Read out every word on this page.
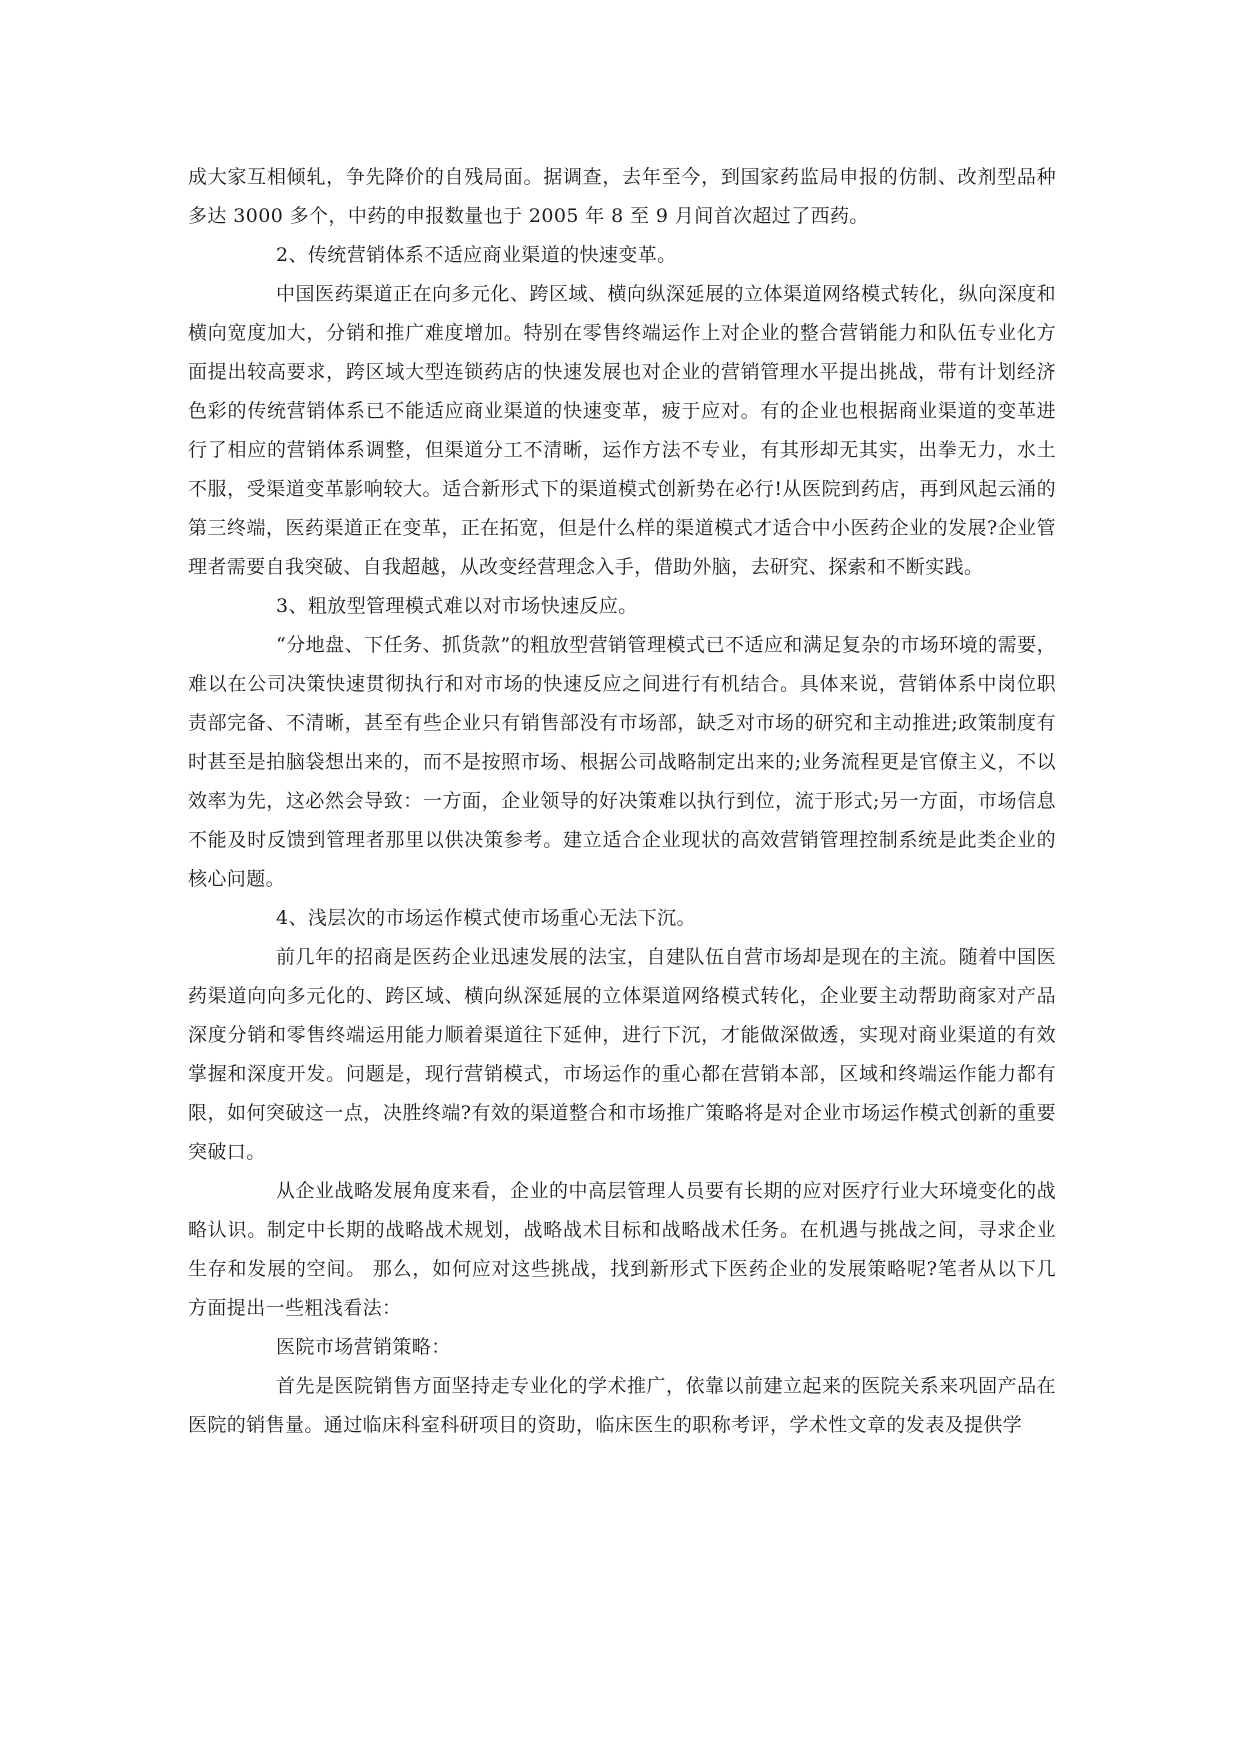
成大家互相倾轧，争先降价的自残局面。据调查，去年至今，到国家药监局申报的仿制、改剂型品种多达 3000 多个，中药的申报数量也于 2005 年 8 至 9 月间首次超过了西药。

2、传统营销体系不适应商业渠道的快速变革。

中国医药渠道正在向多元化、跨区域、横向纵深延展的立体渠道网络模式转化，纵向深度和横向宽度加大，分销和推广难度增加。特别在零售终端运作上对企业的整合营销能力和队伍专业化方面提出较高要求，跨区域大型连锁药店的快速发展也对企业的营销管理水平提出挑战，带有计划经济色彩的传统营销体系已不能适应商业渠道的快速变革，疲于应对。有的企业也根据商业渠道的变革进行了相应的营销体系调整，但渠道分工不清晰，运作方法不专业，有其形却无其实，出拳无力，水土不服，受渠道变革影响较大。适合新形式下的渠道模式创新势在必行!从医院到药店，再到风起云涌的第三终端，医药渠道正在变革，正在拓宽，但是什么样的渠道模式才适合中小医药企业的发展?企业管理者需要自我突破、自我超越，从改变经营理念入手，借助外脑，去研究、探索和不断实践。

3、粗放型管理模式难以对市场快速反应。

“分地盘、下任务、抓货款”的粗放型营销管理模式已不适应和满足复杂的市场环境的需要，难以在公司决策快速贯彻执行和对市场的快速反应之间进行有机结合。具体来说，营销体系中岗位职责部完备、不清晰，甚至有些企业只有销售部没有市场部，缺乏对市场的研究和主动推进;政策制度有时甚至是拍脑袋想出来的，而不是按照市场、根据公司战略制定出来的;业务流程更是官僚主义，不以效率为先，这必然会导致：一方面，企业领导的好决策难以执行到位，流于形式;另一方面，市场信息不能及时反馈到管理者那里以供决策参考。建立适合企业现状的高效营销管理控制系统是此类企业的核心问题。

4、浅层次的市场运作模式使市场重心无法下沉。

前几年的招商是医药企业迅速发展的法宝，自建队伍自营市场却是现在的主流。随着中国医药渠道向向多元化的、跨区域、横向纵深延展的立体渠道网络模式转化，企业要主动帮助商家对产品深度分销和零售终端运用能力顺着渠道往下延伸，进行下沉，才能做深做透，实现对商业渠道的有效掌握和深度开发。问题是，现行营销模式，市场运作的重心都在营销本部，区域和终端运作能力都有限，如何突破这一点，决胜终端?有效的渠道整合和市场推广策略将是对企业市场运作模式创新的重要突破口。

从企业战略发展角度来看，企业的中高层管理人员要有长期的应对医疗行业大环境变化的战略认识。制定中长期的战略战术规划，战略战术目标和战略战术任务。在机遇与挑战之间，寻求企业生存和发展的空间。 那么，如何应对这些挑战，找到新形式下医药企业的发展策略呢?笔者从以下几方面提出一些粗浅看法：

医院市场营销策略：

首先是医院销售方面坚持走专业化的学术推广，依靠以前建立起来的医院关系来巩固产品在医院的销售量。通过临床科室科研项目的资助，临床医生的职称考评，学术性文章的发表及提供学
